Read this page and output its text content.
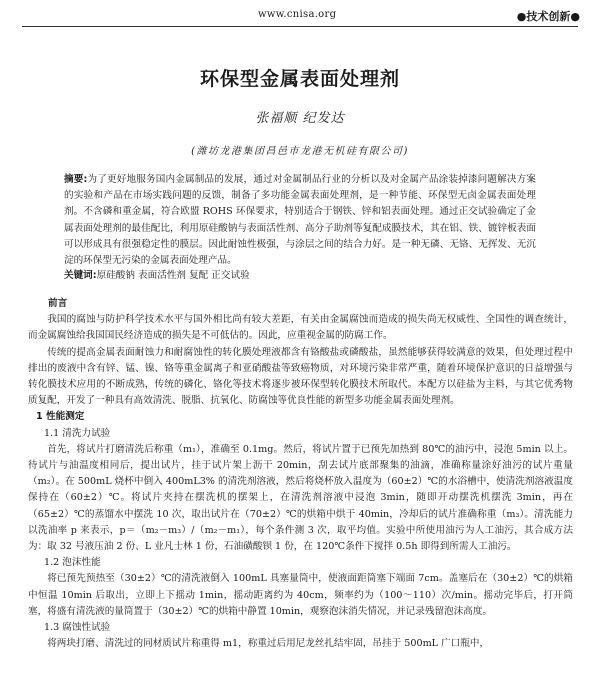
www.cnisa.org	●技术创新●
环保型金属表面处理剂
张福顺 纪发达
(潍坊龙港集团昌邑市龙港无机硅有限公司)
摘要:为了更好地服务国内金属制品的发展，通过对金属制品行业的分析以及对金属产品涂装掉漆问题解决方案的实验和产品在市场实践问题的反馈，制备了多功能金属表面处理剂，是一种节能、环保型无卤金属表面处理剂。不含磷和重金属，符合欧盟 ROHS 环保要求，特别适合于钢铁、锌和铝表面处理。通过正交试验确定了金属表面处理剂的最佳配比，利用原硅酸钠与表面活性剂、高分子助剂等复配成膜技术，其在铝、铁、镀锌板表面可以形成具有很强稳定性的膜层。因此耐蚀性极强，与涂层之间的结合力好。是一种无磷、无铬、无挥发、无沉淀的环保型无污染的金属表面处理产品。
关键词:原硅酸钠 表面活性剂 复配 正交试验

前言

我国的腐蚀与防护科学技术水平与国外相比尚有较大差距，有关由金属腐蚀而造成的损失尚无权威性、全国性的调查统计，而金属腐蚀给我国国民经济造成的损失是不可低估的。因此，应重视金属的防腐工作。

传统的提高金属表面耐蚀力和耐腐蚀性的转化膜处理液都含有铬酸盐或磷酸盐，虽然能够获得较满意的效果，但处理过程中排出的废液中含有锌、锰、镍、铬等重金属离子和亚硝酸盐等致癌物质，对环境污染非常严重，随着环境保护意识的日益增强与转化膜技术应用的不断成熟，传统的磷化、铬化等技术将逐步被环保型转化膜技术所取代。本配方以硅盐为主料，与其它优秀物质复配，开发了一种具有高效清洗、脱脂、抗氧化、防腐蚀等优良性能的新型多功能金属表面处理剂。

1 性能测定

1.1 清洗力试验

首先，将试片打磨清洗后称重（m₁），准确至 0.1mg。然后，将试片置于已预先加热到 80℃的油污中，浸泡 5min 以上。待试片与油温度相同后，提出试片，挂于试片架上沥干 20min，刮去试片底部聚集的油滴，准确称量涂好油污的试片重量（m₂）。在 500mL 烧杯中倒入 400mL3% 的清洗剂溶液，然后将烧杯放入温度为（60±2）℃的水浴槽中，使清洗剂溶液温度保持在（60±2）℃。将试片夹持在摆洗机的摆架上，在清洗剂溶液中浸泡 3min，随即开动摆洗机摆洗 3min，再在（65±2）℃的蒸馏水中摆洗 10 次，取出试片在（70±2）℃的烘箱中烘干 40min，冷却后的试片准确称重（m₃）。清洗能力以洗油率 p 来表示，p＝（m₂－m₃）/（m₂－m₁），每个条件测 3 次，取平均值。实验中所使用油污为人工油污，其合成方法为：取 32 号液压油 2 份、L 业凡士林 1 份，石油磺酸钡 1 份，在 120℃条件下搅拌 0.5h 即得到所需人工油污。

1.2 泡沫性能

将已预先预热至（30±2）℃的清洗液倒入 100mL 具塞量筒中，使液面距筒塞下端面 7cm。盖塞后在（30±2）℃的烘箱中恒温 10min 后取出，立即上下摇动 1min，摇动距离约为 40cm，频率约为（100～110）次/min。摇动完毕后，打开筒塞，将盛有清洗液的量筒置于（30±2）℃的烘箱中静置 10min，观察泡沫消失情况，并记录残留泡沫高度。

1.3 腐蚀性试验

将两块打磨、清洗过的同材质试片称重得 m1，称重过后用尼龙丝扎结牢固，吊挂于 500mL 广口瓶中，
